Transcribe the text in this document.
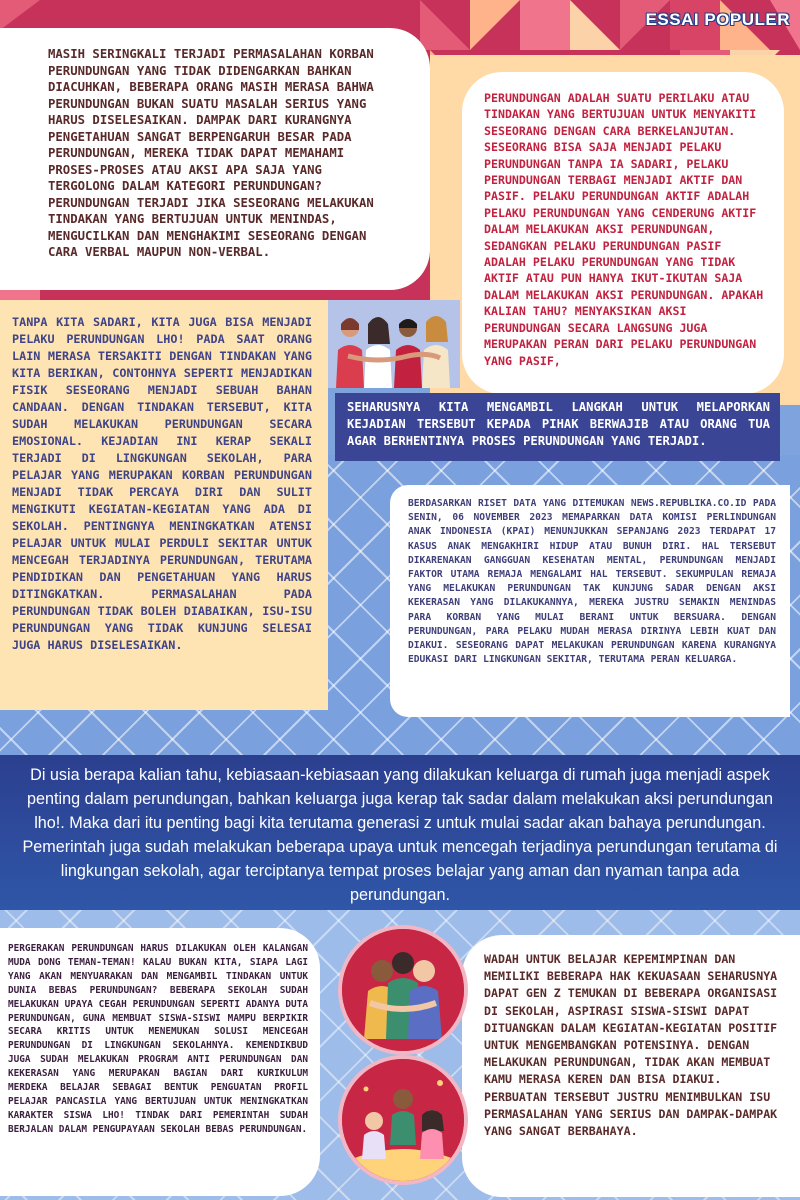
ESSAI POPULER
MASIH SERINGKALI TERJADI PERMASALAHAN KORBAN PERUNDUNGAN YANG TIDAK DIDENGARKAN BAHKAN DIACUHKAN, BEBERAPA ORANG MASIH MERASA BAHWA PERUNDUNGAN BUKAN SUATU MASALAH SERIUS YANG HARUS DISELESAIKAN. DAMPAK DARI KURANGNYA PENGETAHUAN SANGAT BERPENGARUH BESAR PADA PERUNDUNGAN, MEREKA TIDAK DAPAT MEMAHAMI PROSES-PROSES ATAU AKSI APA SAJA YANG TERGOLONG DALAM KATEGORI PERUNDUNGAN? PERUNDUNGAN TERJADI JIKA SESEORANG MELAKUKAN TINDAKAN YANG BERTUJUAN UNTUK MENINDAS, MENGUCILKAN DAN MENGHAKIMI SESEORANG DENGAN CARA VERBAL MAUPUN NON-VERBAL.
PERUNDUNGAN ADALAH SUATU PERILAKU ATAU TINDAKAN YANG BERTUJUAN UNTUK MENYAKITI SESEORANG DENGAN CARA BERKELANJUTAN. SESEORANG BISA SAJA MENJADI PELAKU PERUNDUNGAN TANPA IA SADARI, PELAKU PERUNDUNGAN TERBAGI MENJADI AKTIF DAN PASIF. PELAKU PERUNDUNGAN AKTIF ADALAH PELAKU PERUNDUNGAN YANG CENDERUNG AKTIF DALAM MELAKUKAN AKSI PERUNDUNGAN, SEDANGKAN PELAKU PERUNDUNGAN PASIF ADALAH PELAKU PERUNDUNGAN YANG TIDAK AKTIF ATAU PUN HANYA IKUT-IKUTAN SAJA DALAM MELAKUKAN AKSI PERUNDUNGAN. APAKAH KALIAN TAHU? MENYAKSIKAN AKSI PERUNDUNGAN SECARA LANGSUNG JUGA MERUPAKAN PERAN DARI PELAKU PERUNDUNGAN YANG PASIF,
TANPA KITA SADARI, KITA JUGA BISA MENJADI PELAKU PERUNDUNGAN LHO! PADA SAAT ORANG LAIN MERASA TERSAKITI DENGAN TINDAKAN YANG KITA BERIKAN, CONTOHNYA SEPERTI MENJADIKAN FISIK SESEORANG MENJADI SEBUAH BAHAN CANDAAN. DENGAN TINDAKAN TERSEBUT, KITA SUDAH MELAKUKAN PERUNDUNGAN SECARA EMOSIONAL. KEJADIAN INI KERAP SEKALI TERJADI DI LINGKUNGAN SEKOLAH, PARA PELAJAR YANG MERUPAKAN KORBAN PERUNDUNGAN MENJADI TIDAK PERCAYA DIRI DAN SULIT MENGIKUTI KEGIATAN-KEGIATAN YANG ADA DI SEKOLAH. PENTINGNYA MENINGKATKAN ATENSI PELAJAR UNTUK MULAI PERDULI SEKITAR UNTUK MENCEGAH TERJADINYA PERUNDUNGAN, TERUTAMA PENDIDIKAN DAN PENGETAHUAN YANG HARUS DITINGKATKAN. PERMASALAHAN PADA PERUNDUNGAN TIDAK BOLEH DIABAIKAN, ISU-ISU PERUNDUNGAN YANG TIDAK KUNJUNG SELESAI JUGA HARUS DISELESAIKAN.
SEHARUSNYA KITA MENGAMBIL LANGKAH UNTUK MELAPORKAN KEJADIAN TERSEBUT KEPADA PIHAK BERWAJIB ATAU ORANG TUA AGAR BERHENTINYA PROSES PERUNDUNGAN YANG TERJADI.
BERDASARKAN RISET DATA YANG DITEMUKAN NEWS.REPUBLIKA.CO.ID PADA SENIN, 06 NOVEMBER 2023 MEMAPARKAN DATA KOMISI PERLINDUNGAN ANAK INDONESIA (KPAI) MENUNJUKKAN SEPANJANG 2023 TERDAPAT 17 KASUS ANAK MENGAKHIRI HIDUP ATAU BUNUH DIRI. HAL TERSEBUT DIKARENAKAN GANGGUAN KESEHATAN MENTAL, PERUNDUNGAN MENJADI FAKTOR UTAMA REMAJA MENGALAMI HAL TERSEBUT. SEKUMPULAN REMAJA YANG MELAKUKAN PERUNDUNGAN TAK KUNJUNG SADAR DENGAN AKSI KEKERASAN YANG DILAKUKANNYA, MEREKA JUSTRU SEMAKIN MENINDAS PARA KORBAN YANG MULAI BERANI UNTUK BERSUARA. DENGAN PERUNDUNGAN, PARA PELAKU MUDAH MERASA DIRINYA LEBIH KUAT DAN DIAKUI. SESEORANG DAPAT MELAKUKAN PERUNDUNGAN KARENA KURANGNYA EDUKASI DARI LINGKUNGAN SEKITAR, TERUTAMA PERAN KELUARGA.
Di usia berapa kalian tahu, kebiasaan-kebiasaan yang dilakukan keluarga di rumah juga menjadi aspek penting dalam perundungan, bahkan keluarga juga kerap tak sadar dalam melakukan aksi perundungan lho!. Maka dari itu penting bagi kita terutama generasi z untuk mulai sadar akan bahaya perundungan. Pemerintah juga sudah melakukan beberapa upaya untuk mencegah terjadinya perundungan terutama di lingkungan sekolah, agar terciptanya tempat proses belajar yang aman dan nyaman tanpa ada perundungan.
PERGERAKAN PERUNDUNGAN HARUS DILAKUKAN OLEH KALANGAN MUDA DONG TEMAN-TEMAN! KALAU BUKAN KITA, SIAPA LAGI YANG AKAN MENYUARAKAN DAN MENGAMBIL TINDAKAN UNTUK DUNIA BEBAS PERUNDUNGAN? BEBERAPA SEKOLAH SUDAH MELAKUKAN UPAYA CEGAH PERUNDUNGAN SEPERTI ADANYA DUTA PERUNDUNGAN, GUNA MEMBUAT SISWA-SISWI MAMPU BERPIKIR SECARA KRITIS UNTUK MENEMUKAN SOLUSI MENCEGAH PERUNDUNGAN DI LINGKUNGAN SEKOLAHNYA. KEMENDIKBUD JUGA SUDAH MELAKUKAN PROGRAM ANTI PERUNDUNGAN DAN KEKERASAN YANG MERUPAKAN BAGIAN DARI KURIKULUM MERDEKA BELAJAR SEBAGAI BENTUK PENGUATAN PROFIL PELAJAR PANCASILA YANG BERTUJUAN UNTUK MENINGKATKAN KARAKTER SISWA LHO! TINDAK DARI PEMERINTAH SUDAH BERJALAN DALAM PENGUPAYAAN SEKOLAH BEBAS PERUNDUNGAN.
WADAH UNTUK BELAJAR KEPEMIMPINAN DAN MEMILIKI BEBERAPA HAK KEKUASAAN SEHARUSNYA DAPAT GEN Z TEMUKAN DI BEBERAPA ORGANISASI DI SEKOLAH, ASPIRASI SISWA-SISWI DAPAT DITUANGKAN DALAM KEGIATAN-KEGIATAN POSITIF UNTUK MENGEMBANGKAN POTENSINYA. DENGAN MELAKUKAN PERUNDUNGAN, TIDAK AKAN MEMBUAT KAMU MERASA KEREN DAN BISA DIAKUI. PERBUATAN TERSEBUT JUSTRU MENIMBULKAN ISU PERMASALAHAN YANG SERIUS DAN DAMPAK-DAMPAK YANG SANGAT BERBAHAYA.
